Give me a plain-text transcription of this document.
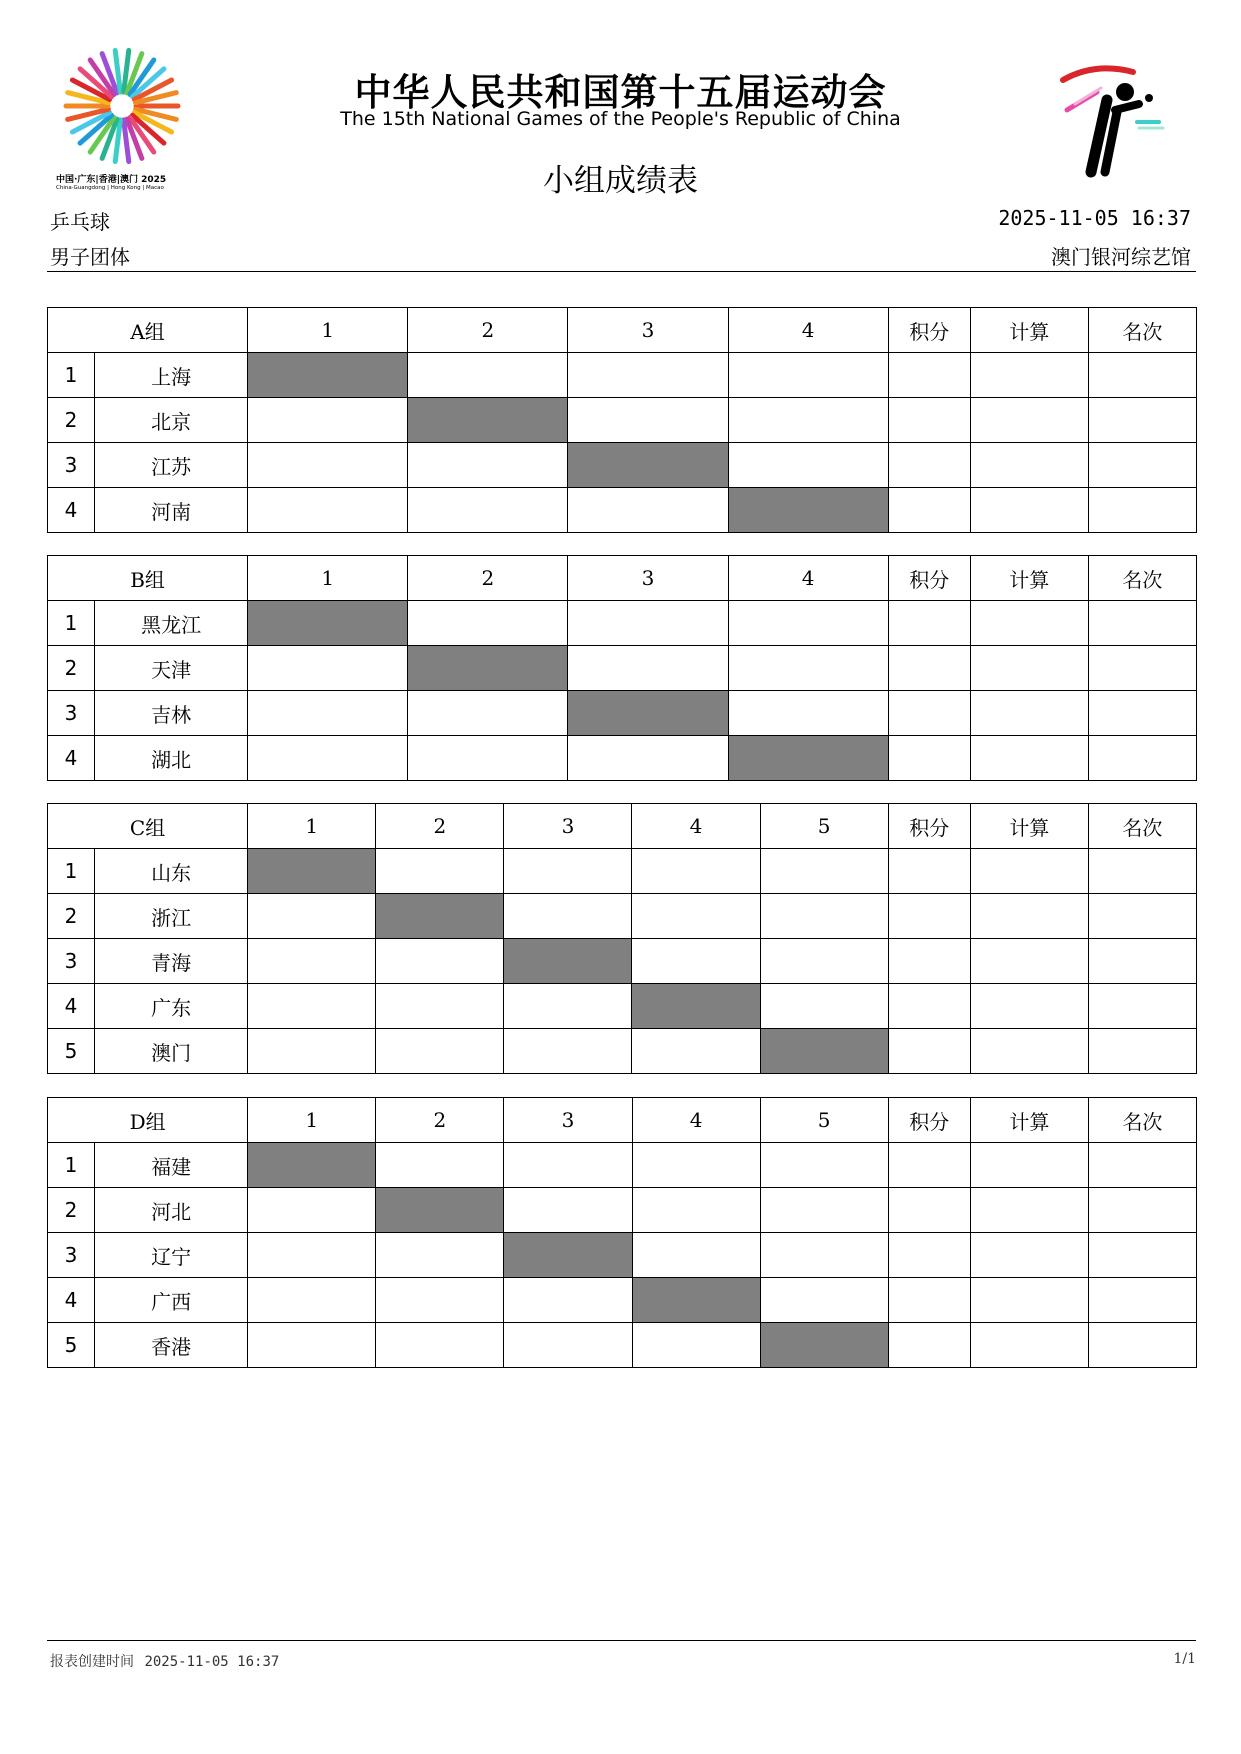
中国·广东|香港|澳门 2025
China·Guangdong | Hong Kong | Macao
中华人民共和国第十五届运动会
The 15th National Games of the People's Republic of China
小组成绩表
乒乓球	2025-11-05 16:37
男子团体	澳门银河综艺馆
A组		1	2	3	4	积分	计算	名次
1	上海							
2	北京							
3	江苏							
4	河南							
B组		1	2	3	4	积分	计算	名次
1	黑龙江							
2	天津							
3	吉林							
4	湖北							
C组		1	2	3	4	5	积分	计算	名次
1	山东								
2	浙江								
3	青海								
4	广东								
5	澳门								
D组		1	2	3	4	5	积分	计算	名次
1	福建								
2	河北								
3	辽宁								
4	广西								
5	香港								
报表创建时间 2025-11-05 16:37	1/1
